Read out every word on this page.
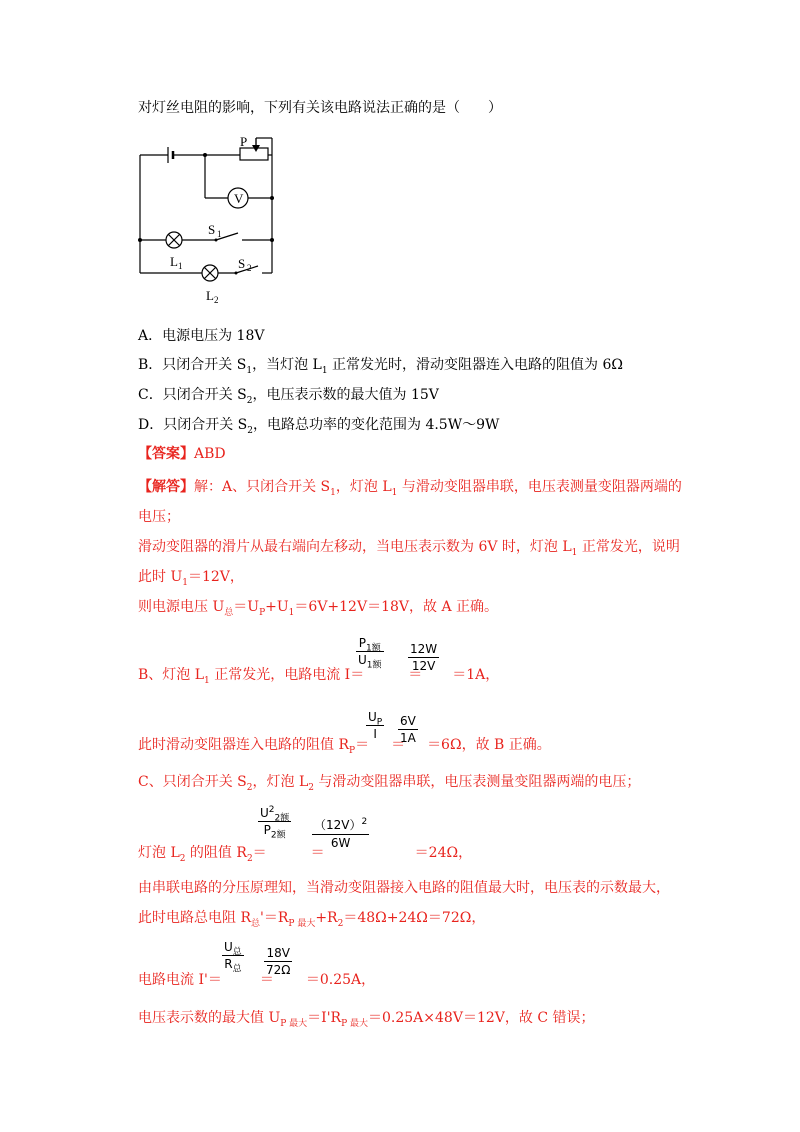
对灯丝电阻的影响，下列有关该电路说法正确的是（　　）
P
V
S 1
S 2
L 1
L 2
A．电源电压为 18V
B．只闭合开关 $S_1$，当灯泡 $L_1$ 正常发光时，滑动变阻器连入电路的阻值为 6Ω
C．只闭合开关 $S_2$，电压表示数的最大值为 15V
D．只闭合开关 $S_2$，电路总功率的变化范围为 4.5W～9W
【答案】ABD
【解答】解：A、只闭合开关 $S_1$，灯泡 $L_1$ 与滑动变阻器串联，电压表测量变阻器两端的
电压；
滑动变阻器的滑片从最右端向左移动，当电压表示数为 6V 时，灯泡 $L_1$ 正常发光，说明
此时 $U_1=12V$，
则电源电压 $U_总=U_P+U_1=6V+12V=18V$，故 A 正确。
B、灯泡 $L_1$ 正常发光，电路电流 I＝	＝ ＝1A，
$P_{1额}$
$U_{1额}$
12W
12V
此时滑动变阻器连入电路的阻值 $R_P= = =6\Omega$，故 B 正确。
$U_P$
I
6V
1A
C、只闭合开关 $S_2$，灯泡 $L_2$ 与滑动变阻器串联，电压表测量变阻器两端的电压；
灯泡 $L_2$ 的阻值 $R_2=$	＝	＝24Ω，
$U^2_{2额}$
$P_{2额}$
$(12V)^2$
6W
由串联电路的分压原理知，当滑动变阻器接入电路的阻值最大时，电压表的示数最大，
此时电路总电阻 $R_总'=R_{P 最大}+R_2=48\Omega+24\Omega=72\Omega$，
电路电流 I'＝	＝ ＝0.25A，
$U_总$
$R_总$
18V
72Ω
电压表示数的最大值 $U_{P 最大}=I'R_{P 最大}=0.25A\times 48V=12V$，故 C 错误；
